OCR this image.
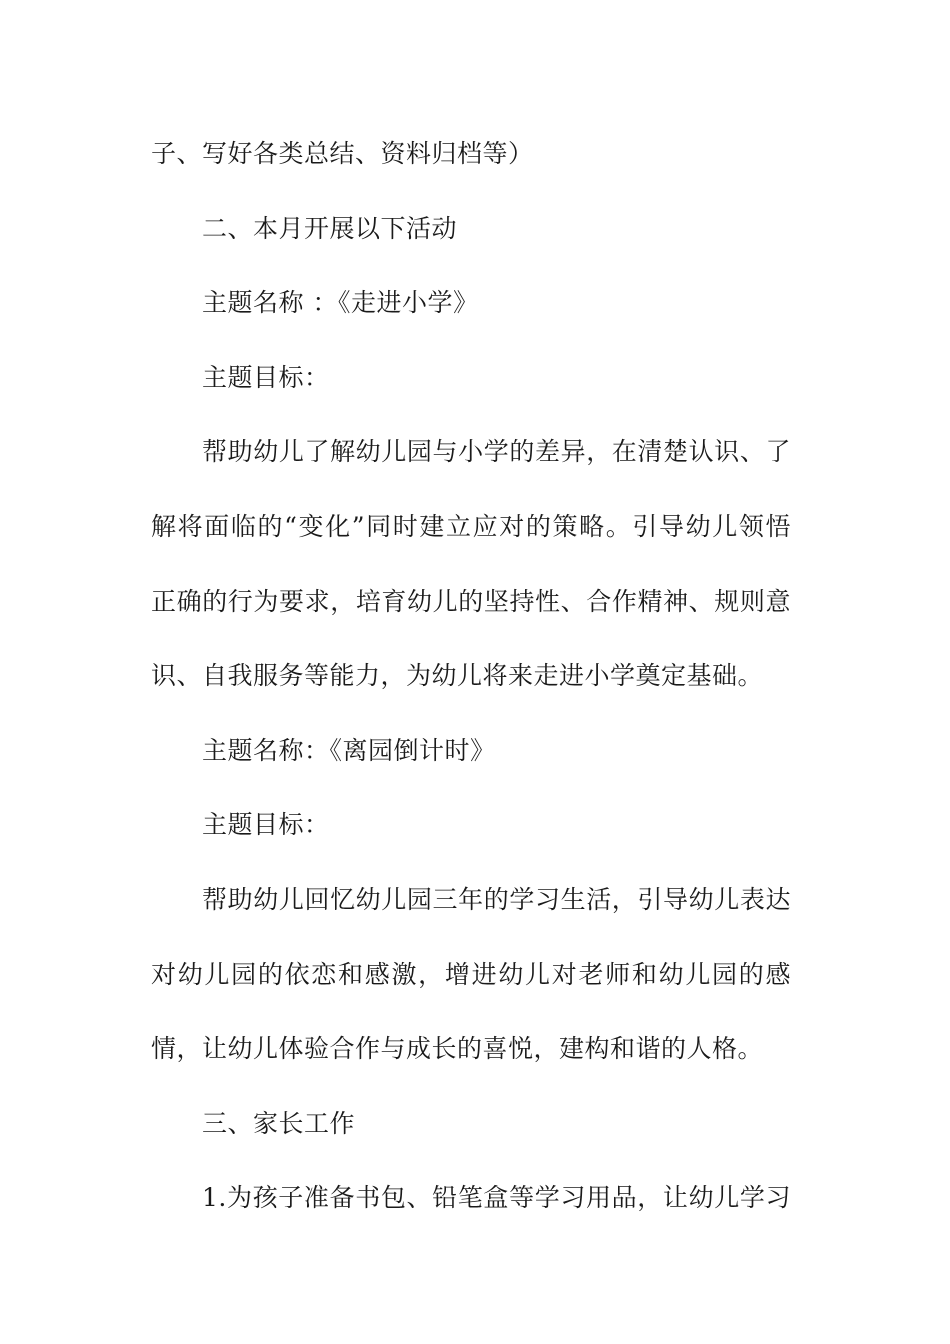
子、写好各类总结、资料归档等）

二、本月开展以下活动

主题名称 ：《走进小学》

主题目标：

帮助幼儿了解幼儿园与小学的差异，在清楚认识、了

解将面临的“变化”同时建立应对的策略。引导幼儿领悟

正确的行为要求，培育幼儿的坚持性、合作精神、规则意

识、自我服务等能力，为幼儿将来走进小学奠定基础。

主题名称：《离园倒计时》

主题目标：

帮助幼儿回忆幼儿园三年的学习生活，引导幼儿表达

对幼儿园的依恋和感激，增进幼儿对老师和幼儿园的感

情，让幼儿体验合作与成长的喜悦，建构和谐的人格。

三、家长工作

1.为孩子准备书包、铅笔盒等学习用品，让幼儿学习
